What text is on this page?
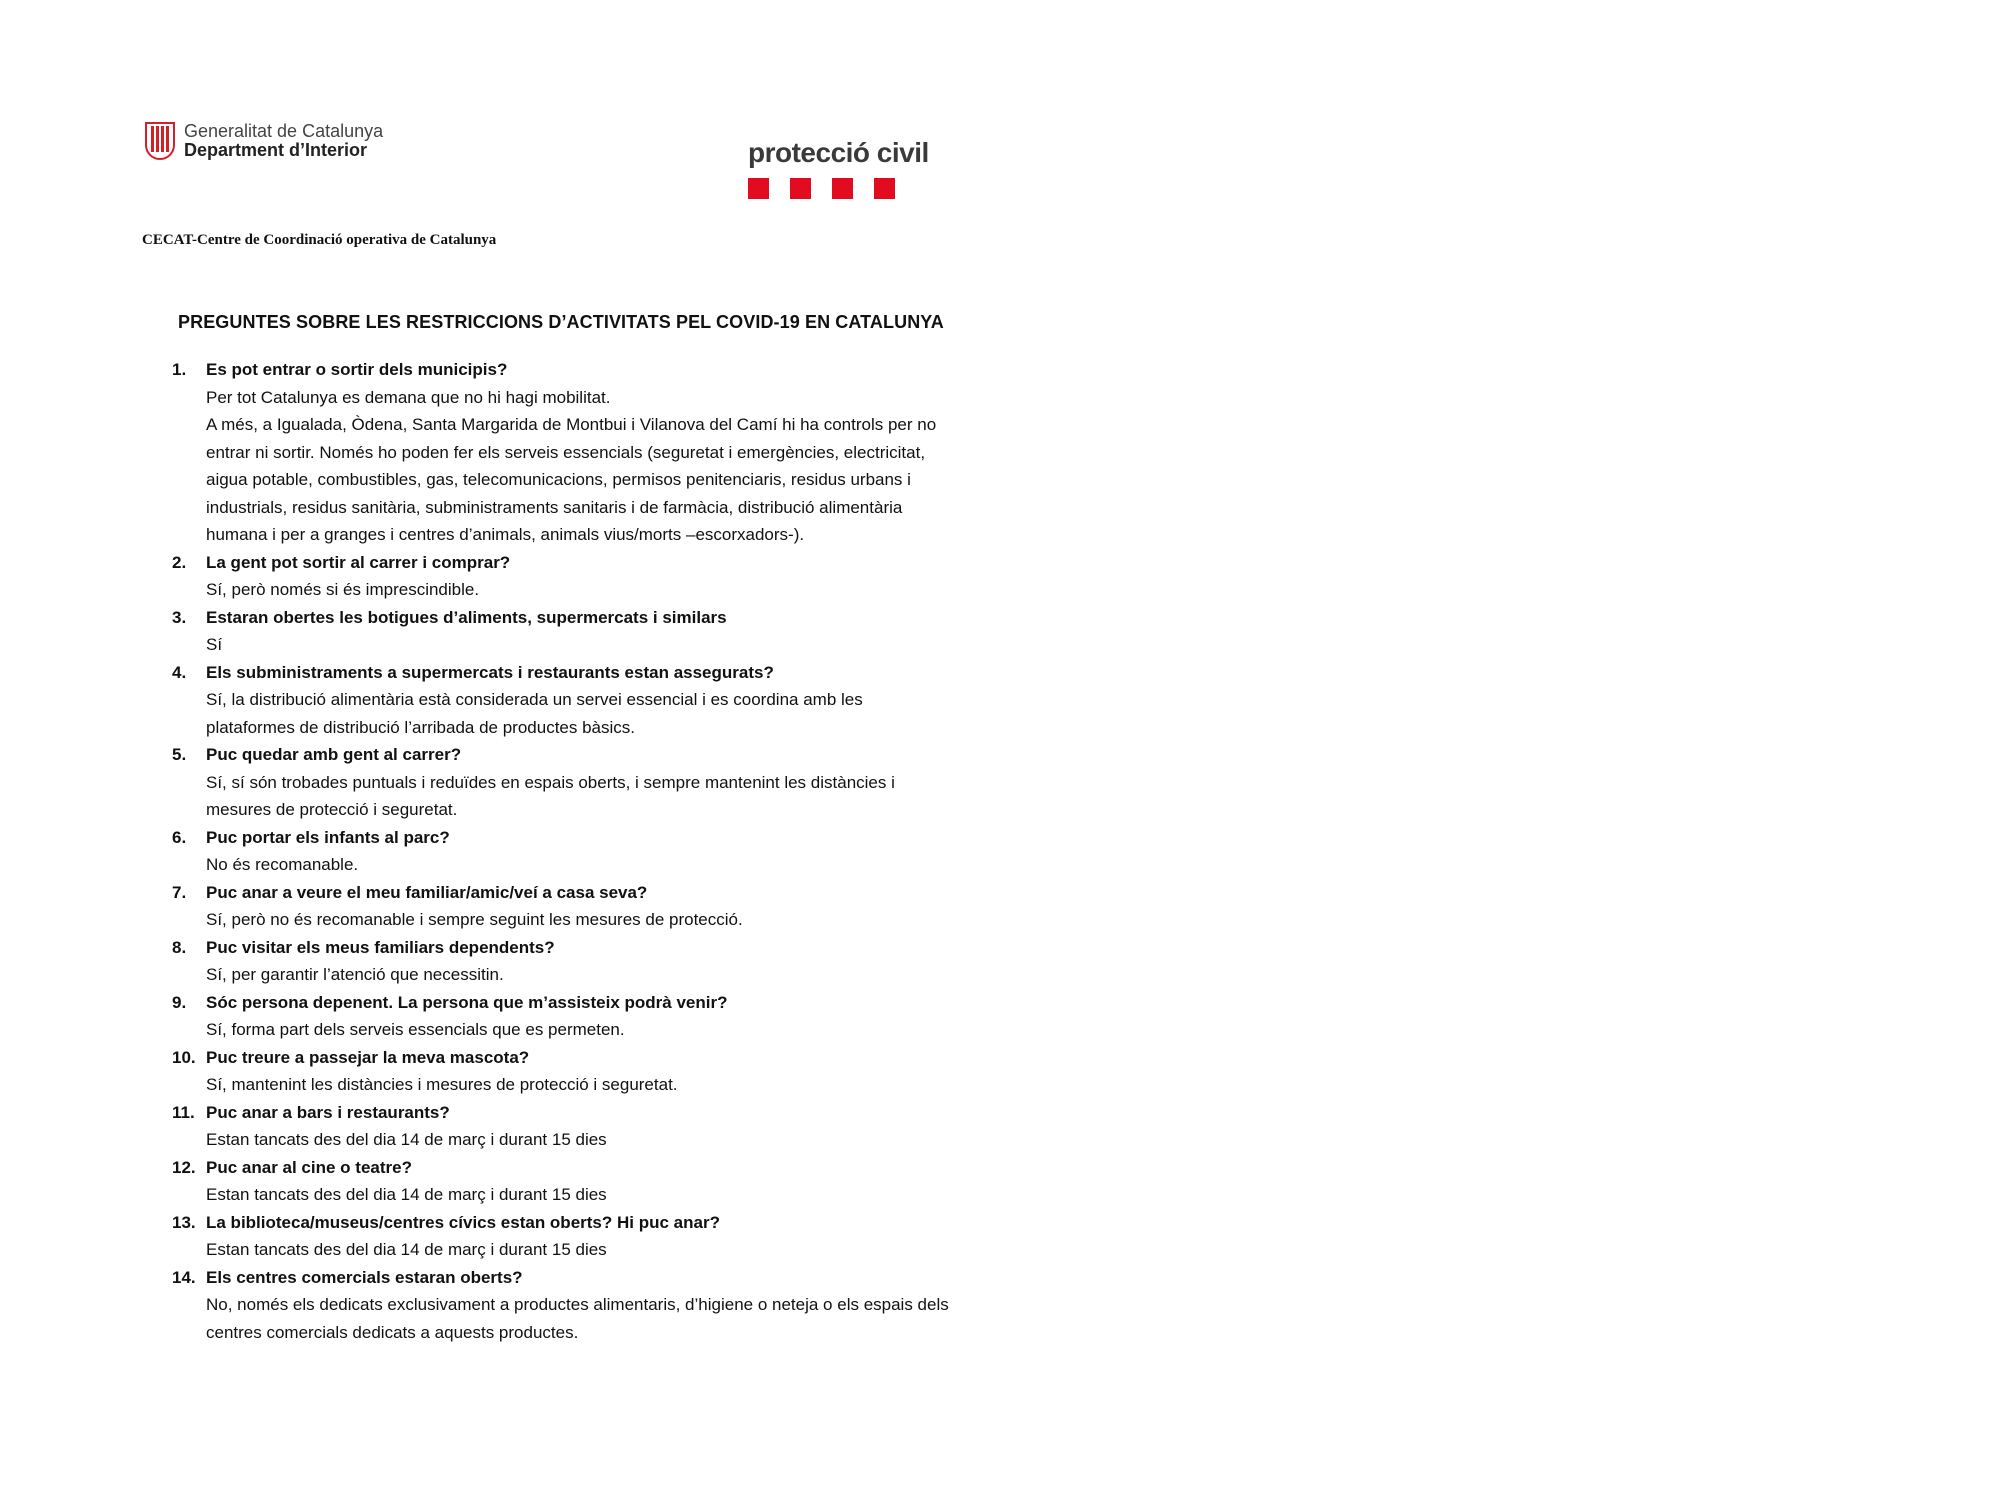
Generalitat de Catalunya
Department d’Interior	protecció civil
CECAT-Centre de Coordinació operativa de Catalunya
PREGUNTES SOBRE LES RESTRICCIONS D’ACTIVITATS PEL COVID-19 EN CATALUNYA
1. Es pot entrar o sortir dels municipis?
Per tot Catalunya es demana que no hi hagi mobilitat.
A més, a Igualada, Òdena, Santa Margarida de Montbui i Vilanova del Camí hi ha controls per no entrar ni sortir. Només ho poden fer els serveis essencials (seguretat i emergències, electricitat, aigua potable, combustibles, gas, telecomunicacions, permisos penitenciaris, residus urbans i industrials, residus sanitària, subministraments sanitaris i de farmàcia, distribució alimentària humana i per a granges i centres d’animals, animals vius/morts –escorxadors-).
2. La gent pot sortir al carrer i comprar?
Sí, però només si és imprescindible.
3. Estaran obertes les botigues d’aliments, supermercats i similars
Sí
4. Els subministraments a supermercats i restaurants estan assegurats?
Sí, la distribució alimentària està considerada un servei essencial i es coordina amb les plataformes de distribució l’arribada de productes bàsics.
5. Puc quedar amb gent al carrer?
Sí, sí són trobades puntuals i reduïdes en espais oberts, i sempre mantenint les distàncies i mesures de protecció i seguretat.
6. Puc portar els infants al parc?
No és recomanable.
7. Puc anar a veure el meu familiar/amic/veí a casa seva?
Sí, però no és recomanable i sempre seguint les mesures de protecció.
8. Puc visitar els meus familiars dependents?
Sí, per garantir l’atenció que necessitin.
9. Sóc persona depenent. La persona que m’assisteix podrà venir?
Sí, forma part dels serveis essencials que es permeten.
10. Puc treure a passejar la meva mascota?
Sí, mantenint les distàncies i mesures de protecció i seguretat.
11. Puc anar a bars i restaurants?
Estan tancats des del dia 14 de març i durant 15 dies
12. Puc anar al cine o teatre?
Estan tancats des del dia 14 de març i durant 15 dies
13. La biblioteca/museus/centres cívics estan oberts? Hi puc anar?
Estan tancats des del dia 14 de març i durant 15 dies
14. Els centres comercials estaran oberts?
No, només els dedicats exclusivament a productes alimentaris, d’higiene o neteja o els espais dels centres comercials dedicats a aquests productes.
